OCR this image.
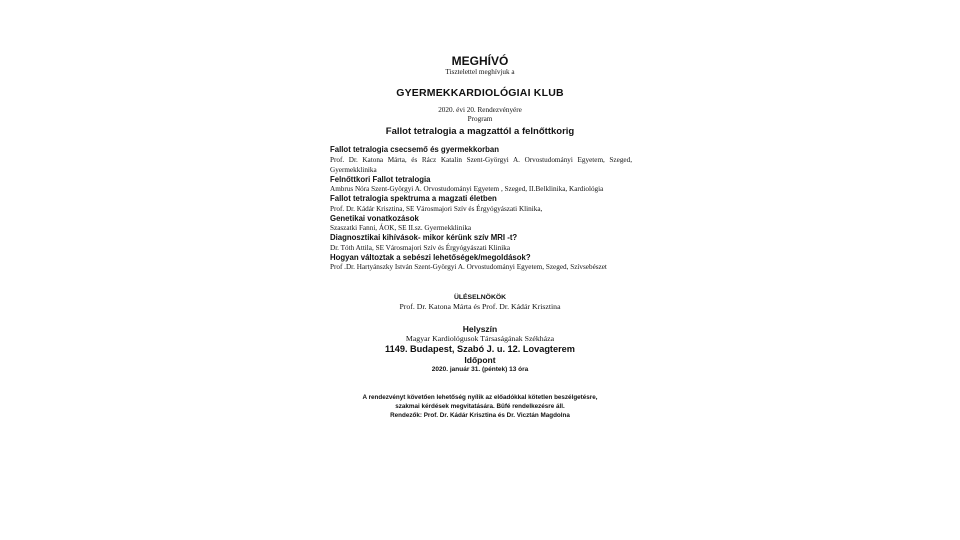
MEGHÍVÓ
Tisztelettel meghívjuk a
GYERMEKKARDIOLÓGIAI KLUB
2020. évi 20. Rendezvényére
Program
Fallot tetralogia a magzattól a felnőttkorig
Fallot tetralogia csecsemő és gyermekkorban
Prof. Dr. Katona Márta, és Rácz Katalin Szent-Györgyi A. Orvostudományi Egyetem, Szeged, Gyermekklinika
Felnőttkori Fallot tetralogia
Ambrus Nóra Szent-Györgyi A. Orvostudományi Egyetem , Szeged, II.Belklinika, Kardiológia
Fallot tetralogia spektruma a magzati életben
Prof. Dr. Kádár Krisztina, SE Városmajori Szív és Érgyógyászati Klinika,
Genetikai vonatkozások
Szaszatki Fanni, ÁOK, SE II.sz. Gyermekklinika
Diagnosztikai kihívások- mikor kérünk szív MRI -t?
Dr. Tóth Attila, SE Városmajori Szív és Érgyógyászati Klinika
Hogyan változtak a sebészi lehetőségek/megoldások?
Prof .Dr. Hartyánszky István Szent-Györgyi A. Orvostudományi Egyetem, Szeged, Szívsebészet
ÜLÉSELNÖKÖK
Prof. Dr. Katona Márta és Prof. Dr. Kádár Krisztina
Helyszín
Magyar Kardiológusok Társaságának Székháza
1149. Budapest, Szabó J. u. 12. Lovagterem
Időpont
2020. január 31. (péntek) 13 óra
A rendezvényt követően lehetőség nyílik az előadókkal kötetlen beszélgetésre,
szakmai kérdések megvitatására. Büfé rendelkezésre áll.
Rendezők: Prof. Dr. Kádár Krisztina és Dr. Vicztán Magdolna
